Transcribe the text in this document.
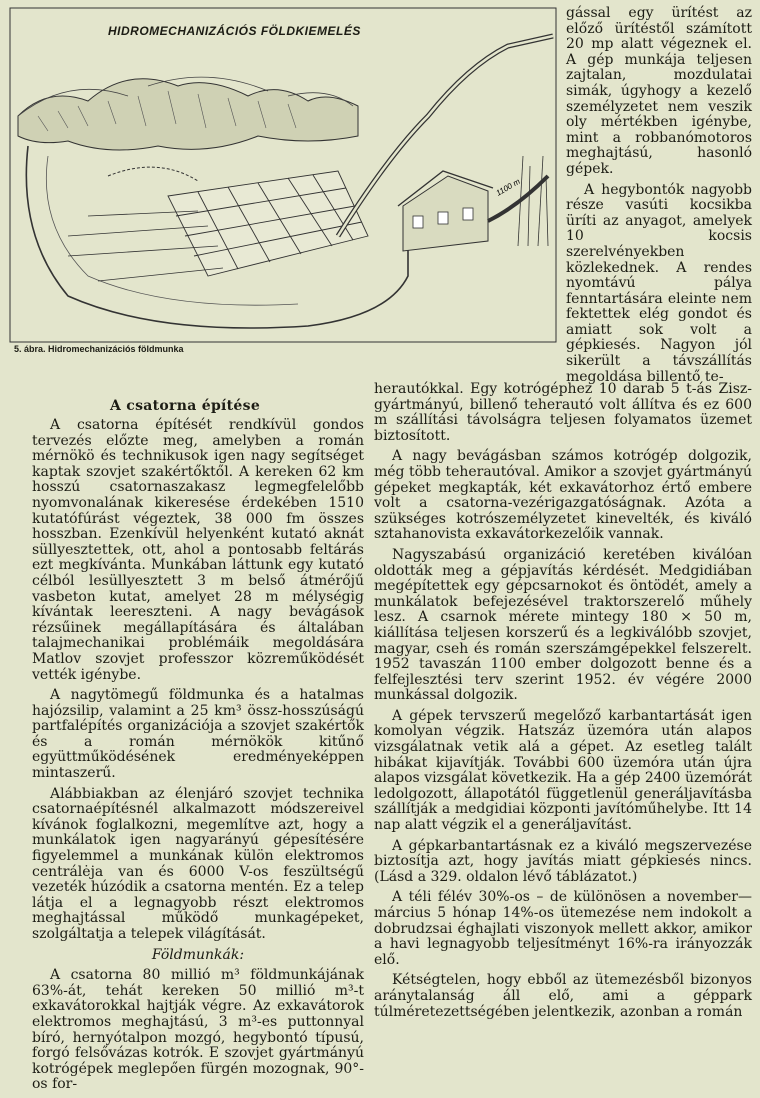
1100 m
HIDROMECHANIZÁCIÓS FÖLDKIEMELÉS
5. ábra. Hidromechanizációs földmunka

gással egy ürítést az előző ürítéstől számított 20 mp alatt végeznek el. A gép munkája teljesen zajtalan, mozdulatai simák, úgyhogy a kezelő személyzetet nem veszik oly mértékben igénybe, mint a robbanómotoros meghajtású, hasonló gépek.

A hegybontók nagyobb része vasúti kocsikba üríti az anyagot, amelyek 10 kocsis szerelvényekben közlekednek. A rendes nyomtávú pálya fenntartására eleinte nem fektettek elég gondot és amiatt sok volt a gépkiesés. Nagyon jól sikerült a távszállítás megoldása billentő te-

A csatorna építése

A csatorna építését rendkívül gondos tervezés előzte meg, amelyben a román mérnökö és technikusok igen nagy segítséget kaptak szovjet szakértőktől. A kereken 62 km hosszú csatornaszakasz legmegfelelőbb nyomvonalának kikeresése érdekében 1510 kutatófúrást végeztek, 38 000 fm összes hosszban. Ezenkívül helyenként kutató aknát süllyesztettek, ott, ahol a pontosabb feltárás ezt megkívánta. Munkában láttunk egy kutató célból lesüllyesztett 3 m belső átmérőjű vasbeton kutat, amelyet 28 m mélységig kívántak leereszteni. A nagy bevágások rézsűinek megállapítására és általában talajmechanikai problémáik megoldására Matlov szovjet professzor közreműködését vették igénybe.

A nagytömegű földmunka és a hatalmas hajózsilip, valamint a 25 km³ össz-hosszúságú partfalépítés organizációja a szovjet szakértők és a román mérnökök kitűnő együttműködésének eredményeképpen mintaszerű.

Alábbiakban az élenjáró szovjet technika csatornaépítésnél alkalmazott módszereivel kívánok foglalkozni, megemlítve azt, hogy a munkálatok igen nagyarányú gépesítésére figyelemmel a munkának külön elektromos centrálėja van és 6000 V-os feszültségű vezeték húzódik a csatorna mentén. Ez a telep látja el a legnagyobb részt elektromos meghajtással működő munkagépeket, szolgáltatja a telepek világítását.

Földmunkák:

A csatorna 80 millió m³ földmunkájának 63%-át, tehát kereken 50 millió m³-t exkavátorokkal hajtják végre. Az exkavátorok elektromos meghajtású, 3 m³-es puttonnyal bíró, hernyótalpon mozgó, hegybontó típusú, forgó felsővázas kotrók. E szovjet gyártmányú kotrógépek meglepően fürgén mozognak, 90°-os for-

herautókkal. Egy kotrógéphez 10 darab 5 t-ás Zisz-gyártmányú, billenő teherautó volt állítva és ez 600 m szállítási távolságra teljesen folyamatos üzemet biztosított.

A nagy bevágásban számos kotrógép dolgozik, még több teherautóval. Amikor a szovjet gyártmányú gépeket megkapták, két exkavátorhoz értő embere volt a csatorna-vezérigazgatóságnak. Azóta a szükséges kotrószemélyzetet kinevelték, és kiváló sztahanovista exkavátorkezelőik vannak.

Nagyszabású organizáció keretében kiválóan oldották meg a gépjavítás kérdését. Medgidiában megépítettek egy gépcsarnokot és öntödét, amely a munkálatok befejezésével traktorszerelő műhely lesz. A csarnok mérete mintegy 180 × 50 m, kiállítása teljesen korszerű és a legkiválóbb szovjet, magyar, cseh és román szerszámgépekkel felszerelt. 1952 tavaszán 1100 ember dolgozott benne és a felfejlesztési terv szerint 1952. év végére 2000 munkással dolgozik.

A gépek tervszerű megelőző karbantartását igen komolyan végzik. Hatszáz üzemóra után alapos vizsgálatnak vetik alá a gépet. Az esetleg talált hibákat kijavítják. További 600 üzemóra után újra alapos vizsgálat következik. Ha a gép 2400 üzemórát ledolgozott, állapotától függetlenül generáljavításba szállítják a medgidiai központi javítóműhelybe. Itt 14 nap alatt végzik el a generáljavítást.

A gépkarbantartásnak ez a kiváló megszervezése biztosítja azt, hogy javítás miatt gépkiesés nincs. (Lásd a 329. oldalon lévő táblázatot.)

A téli félév 30%-os – de különösen a november—március 5 hónap 14%-os ütemezése nem indokolt a dobrudzsai éghajlati viszonyok mellett akkor, amikor a havi legnagyobb teljesítményt 16%-ra irányozzák elő.

Kétségtelen, hogy ebből az ütemezésből bizonyos aránytalanság áll elő, ami a géppark túlméretezettségében jelentkezik, azonban a román
